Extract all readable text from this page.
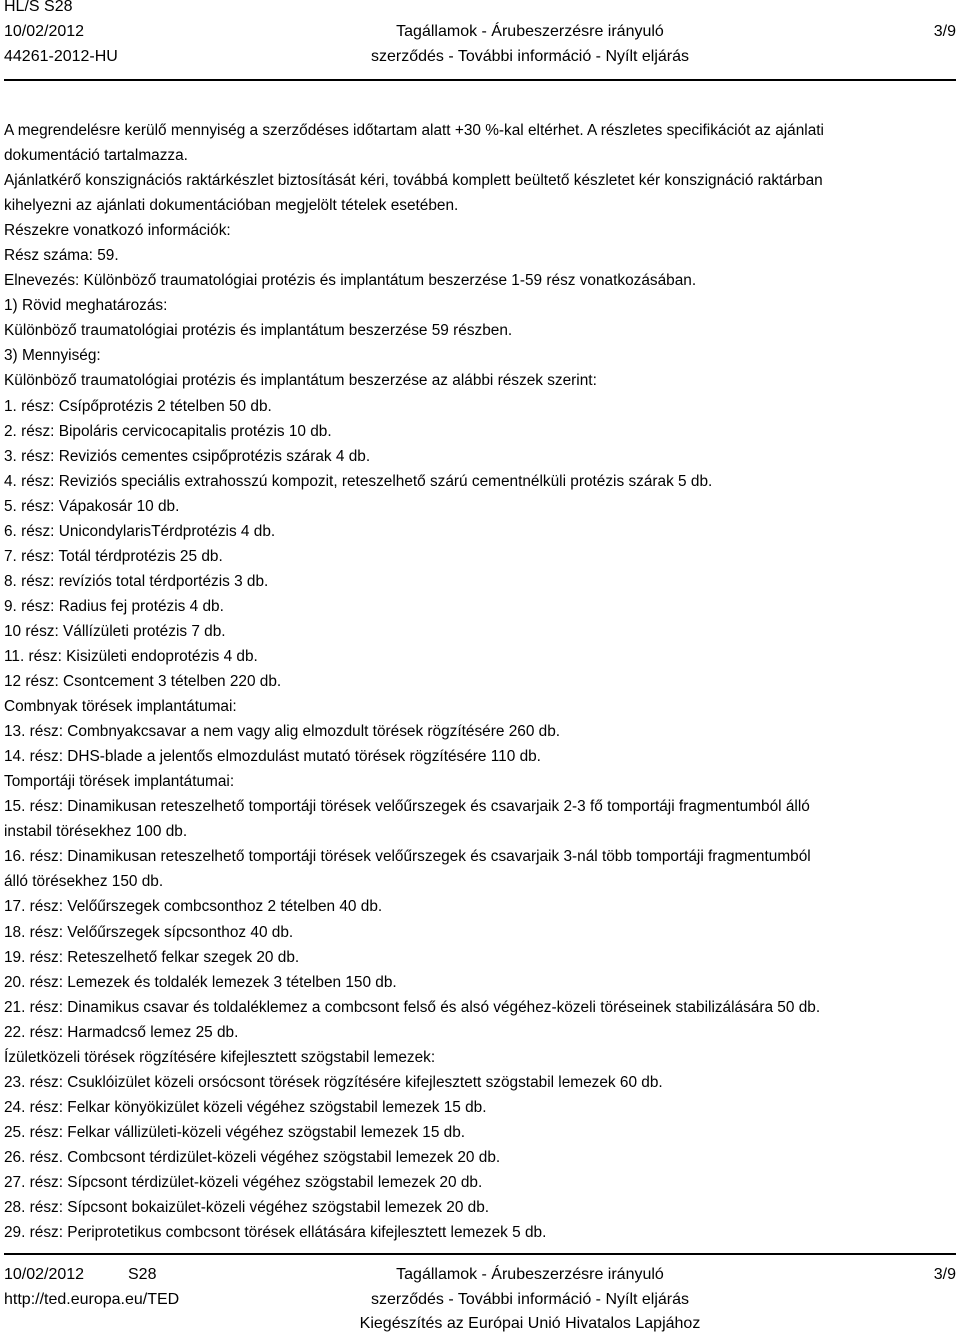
HL/S S28
10/02/2012
44261-2012-HU
Tagállamok - Árubeszerzésre irányuló
szerződés - További információ - Nyílt eljárás
3/9
A megrendelésre kerülő mennyiség a szerződéses időtartam alatt +30 %-kal eltérhet. A részletes specifikációt az ajánlati
dokumentáció tartalmazza.
Ajánlatkérő konszignációs raktárkészlet biztosítását kéri, továbbá komplett beültető készletet kér konszignáció raktárban
kihelyezni az ajánlati dokumentációban megjelölt tételek esetében.
Részekre vonatkozó információk:
Rész száma: 59.
Elnevezés: Különböző traumatológiai protézis és implantátum beszerzése 1-59 rész vonatkozásában.
1) Rövid meghatározás:
Különböző traumatológiai protézis és implantátum beszerzése 59 részben.
3) Mennyiség:
Különböző traumatológiai protézis és implantátum beszerzése az alábbi részek szerint:
1. rész: Csípőprotézis 2 tételben 50 db.
2. rész: Bipoláris cervicocapitalis protézis 10 db.
3. rész: Reviziós cementes csipőprotézis szárak 4 db.
4. rész: Reviziós speciális extrahosszú kompozit, reteszelhető szárú cementnélküli protézis szárak 5 db.
5. rész: Vápakosár 10 db.
6. rész: UnicondylarisTérdprotézis 4 db.
7. rész: Totál térdprotézis 25 db.
8. rész: revíziós total térdportézis 3 db.
9. rész: Radius fej protézis 4 db.
10 rész: Vállízületi protézis 7 db.
11. rész: Kisizületi endoprotézis 4 db.
12 rész: Csontcement 3 tételben 220 db.
Combnyak törések implantátumai:
13. rész: Combnyakcsavar a nem vagy alig elmozdult törések rögzítésére 260 db.
14. rész: DHS-blade a jelentős elmozdulást mutató törések rögzítésére 110 db.
Tomportáji törések implantátumai:
15. rész: Dinamikusan reteszelhető tomportáji törések velőűrszegek és csavarjaik 2-3 fő tomportáji fragmentumból álló
instabil törésekhez 100 db.
16. rész: Dinamikusan reteszelhető tomportáji törések velőűrszegek és csavarjaik 3-nál több tomportáji fragmentumból
álló törésekhez 150 db.
17. rész: Velőűrszegek combcsonthoz 2 tételben 40 db.
18. rész: Velőűrszegek sípcsonthoz 40 db.
19. rész: Reteszelhető felkar szegek 20 db.
20. rész: Lemezek és toldalék lemezek 3 tételben 150 db.
21. rész: Dinamikus csavar és toldaléklemez a combcsont felső és alsó végéhez-közeli töréseinek stabilizálására 50 db.
22. rész: Harmadcső lemez 25 db.
Ízületközeli törések rögzítésére kifejlesztett szögstabil lemezek:
23. rész: Csuklóizület közeli orsócsont törések rögzítésére kifejlesztett szögstabil lemezek 60 db.
24. rész: Felkar könyökizület közeli végéhez szögstabil lemezek 15 db.
25. rész: Felkar vállizületi-közeli végéhez szögstabil lemezek 15 db.
26. rész. Combcsont térdizület-közeli végéhez szögstabil lemezek 20 db.
27. rész: Sípcsont térdizület-közeli végéhez szögstabil lemezek 20 db.
28. rész: Sípcsont bokaizület-közeli végéhez szögstabil lemezek 20 db.
29. rész: Periprotetikus combcsont törések ellátására kifejlesztett lemezek 5 db.
10/02/2012	S28
http://ted.europa.eu/TED
Tagállamok - Árubeszerzésre irányuló
szerződés - További információ - Nyílt eljárás
Kiegészítés az Európai Unió Hivatalos Lapjához
3/9
